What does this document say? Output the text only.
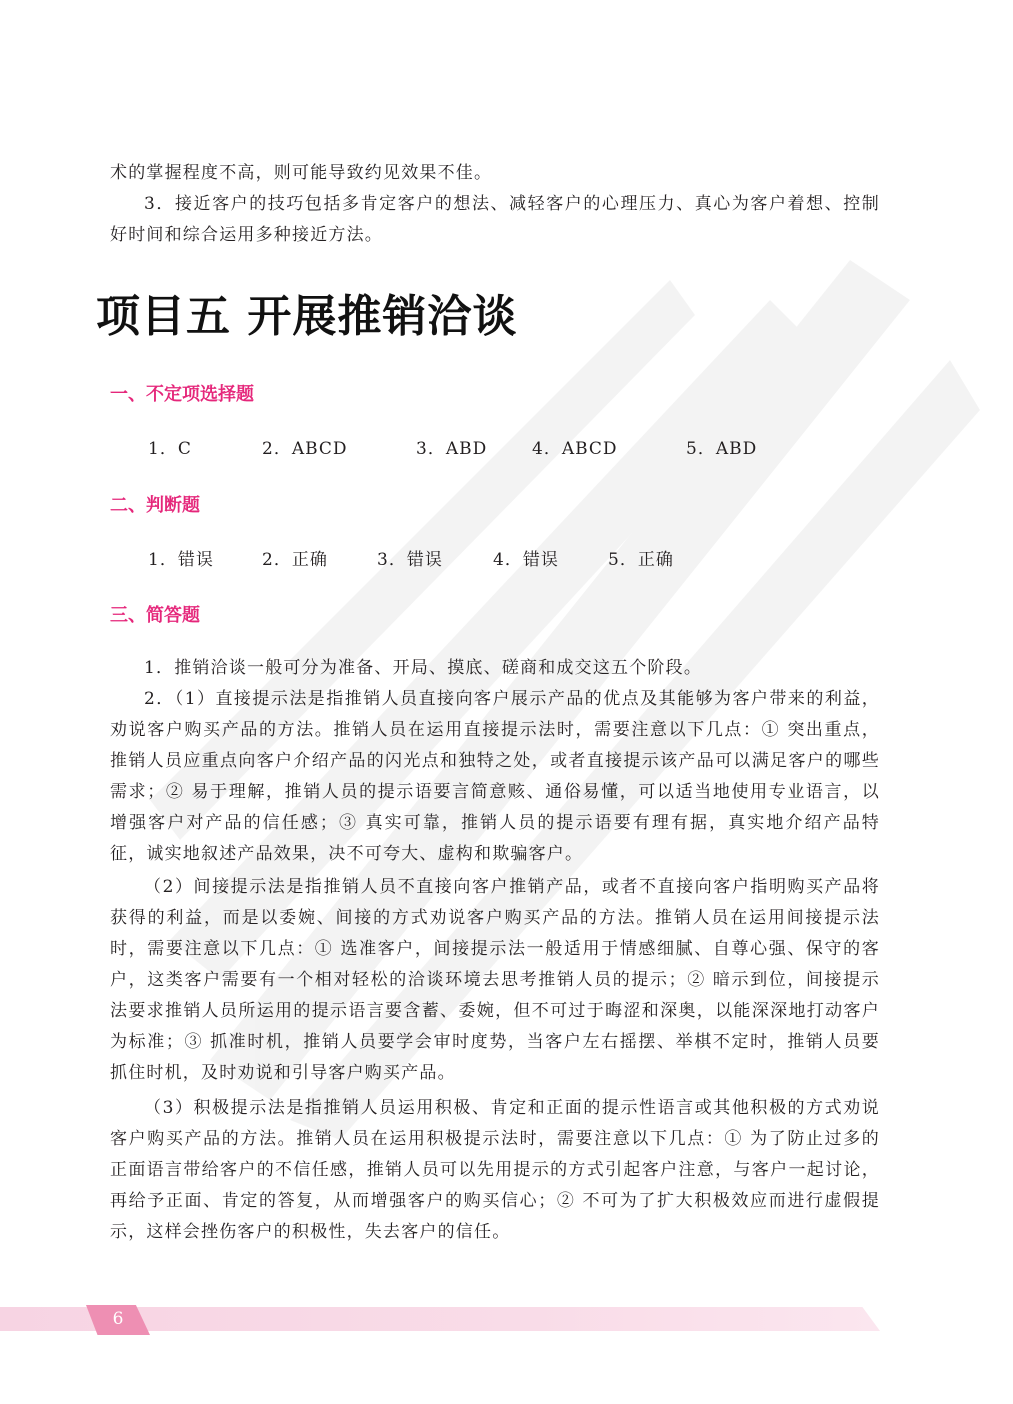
术的掌握程度不高，则可能导致约见效果不佳。

3．接近客户的技巧包括多肯定客户的想法、减轻客户的心理压力、真心为客户着想、控制好时间和综合运用多种接近方法。

项目五 开展推销洽谈
一、不定项选择题
1．C	2．ABCD	3．ABD	4．ABCD	5．ABD
二、判断题
1．错误	2．正确	3．错误	4．错误	5．正确
三、简答题

1．推销洽谈一般可分为准备、开局、摸底、磋商和成交这五个阶段。

2．（1）直接提示法是指推销人员直接向客户展示产品的优点及其能够为客户带来的利益，劝说客户购买产品的方法。推销人员在运用直接提示法时，需要注意以下几点：① 突出重点，推销人员应重点向客户介绍产品的闪光点和独特之处，或者直接提示该产品可以满足客户的哪些需求；② 易于理解，推销人员的提示语要言简意赅、通俗易懂，可以适当地使用专业语言，以增强客户对产品的信任感；③ 真实可靠，推销人员的提示语要有理有据，真实地介绍产品特征，诚实地叙述产品效果，决不可夸大、虚构和欺骗客户。

（2）间接提示法是指推销人员不直接向客户推销产品，或者不直接向客户指明购买产品将获得的利益，而是以委婉、间接的方式劝说客户购买产品的方法。推销人员在运用间接提示法时，需要注意以下几点：① 选准客户，间接提示法一般适用于情感细腻、自尊心强、保守的客户，这类客户需要有一个相对轻松的洽谈环境去思考推销人员的提示；② 暗示到位，间接提示法要求推销人员所运用的提示语言要含蓄、委婉，但不可过于晦涩和深奥，以能深深地打动客户为标准；③ 抓准时机，推销人员要学会审时度势，当客户左右摇摆、举棋不定时，推销人员要抓住时机，及时劝说和引导客户购买产品。

（3）积极提示法是指推销人员运用积极、肯定和正面的提示性语言或其他积极的方式劝说客户购买产品的方法。推销人员在运用积极提示法时，需要注意以下几点：① 为了防止过多的正面语言带给客户的不信任感，推销人员可以先用提示的方式引起客户注意，与客户一起讨论，再给予正面、肯定的答复，从而增强客户的购买信心；② 不可为了扩大积极效应而进行虚假提示，这样会挫伤客户的积极性，失去客户的信任。

6
